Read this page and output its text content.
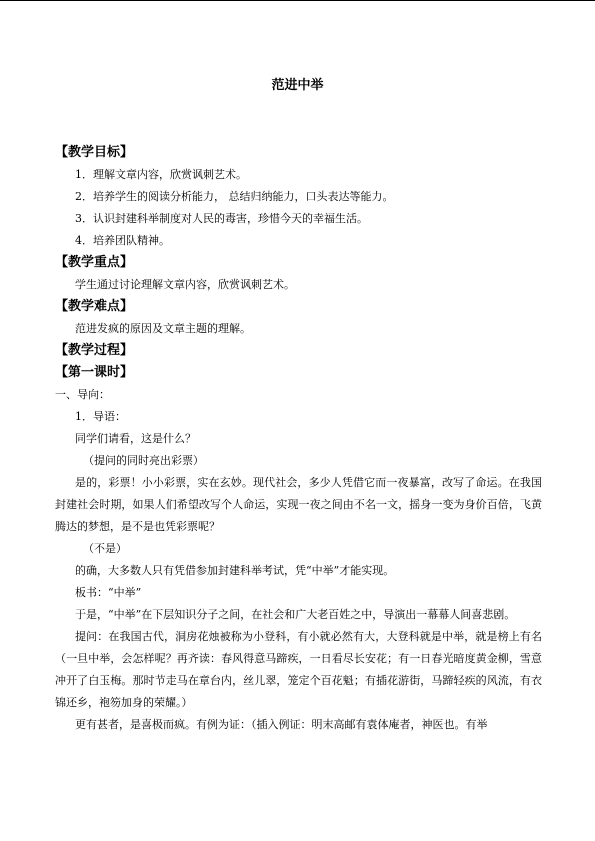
范进中举
【教学目标】
1．理解文章内容，欣赏讽刺艺术。
2．培养学生的阅读分析能力， 总结归纳能力，口头表达等能力。
3．认识封建科举制度对人民的毒害，珍惜今天的幸福生活。
4．培养团队精神。
【教学重点】
学生通过讨论理解文章内容，欣赏讽刺艺术。
【教学难点】
范进发疯的原因及文章主题的理解。
【教学过程】
【第一课时】
一、导向：
1．导语：
同学们请看，这是什么？
（提问的同时亮出彩票）
是的，彩票！小小彩票，实在玄妙。现代社会，多少人凭借它而一夜暴富，改写了命运。在我国封建社会时期，如果人们希望改写个人命运，实现一夜之间由不名一文，摇身一变为身价百倍，飞黄腾达的梦想，是不是也凭彩票呢？
（不是）
的确，大多数人只有凭借参加封建科举考试，凭“中举”才能实现。
板书：“中举”
于是，“中举”在下层知识分子之间，在社会和广大老百姓之中，导演出一幕幕人间喜悲剧。
提问：在我国古代，洞房花烛被称为小登科，有小就必然有大，大登科就是中举，就是榜上有名（一旦中举，会怎样呢？再齐读：春风得意马蹄疾，一日看尽长安花；有一日春光暗度黄金柳，雪意冲开了白玉梅。那时节走马在章台内，丝儿翠，笼定个百花魁；有插花游街，马蹄轻疾的风流，有衣锦还乡，袍笏加身的荣耀。）
更有甚者，是喜极而疯。有例为证：（插入例证：明末高邮有袁体庵者，神医也。有举
